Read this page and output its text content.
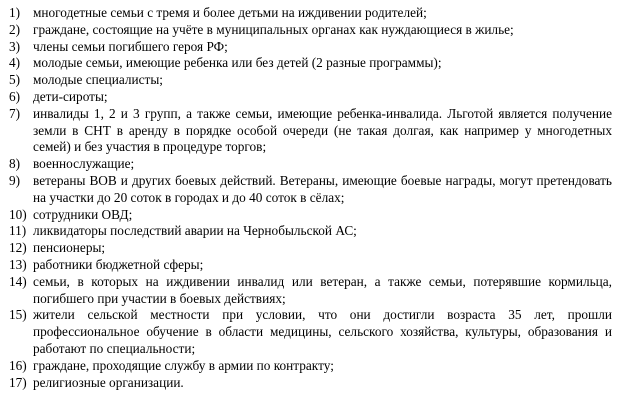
1) многодетные семьи с тремя и более детьми на иждивении родителей;
2) граждане, состоящие на учёте в муниципальных органах как нуждающиеся в жилье;
3) члены семьи погибшего героя РФ;
4) молодые семьи, имеющие ребенка или без детей (2 разные программы);
5) молодые специалисты;
6) дети-сироты;
7) инвалиды 1, 2 и 3 групп, а также семьи, имеющие ребенка-инвалида. Льготой является получение земли в СНТ в аренду в порядке особой очереди (не такая долгая, как например у многодетных семей) и без участия в процедуре торгов;
8) военнослужащие;
9) ветераны ВОВ и других боевых действий. Ветераны, имеющие боевые награды, могут претендовать на участки до 20 соток в городах и до 40 соток в сёлах;
10) сотрудники ОВД;
11) ликвидаторы последствий аварии на Чернобыльской АС;
12) пенсионеры;
13) работники бюджетной сферы;
14) семьи, в которых на иждивении инвалид или ветеран, а также семьи, потерявшие кормильца, погибшего при участии в боевых действиях;
15) жители сельской местности при условии, что они достигли возраста 35 лет, прошли профессиональное обучение в области медицины, сельского хозяйства, культуры, образования и работают по специальности;
16) граждане, проходящие службу в армии по контракту;
17) религиозные организации.
